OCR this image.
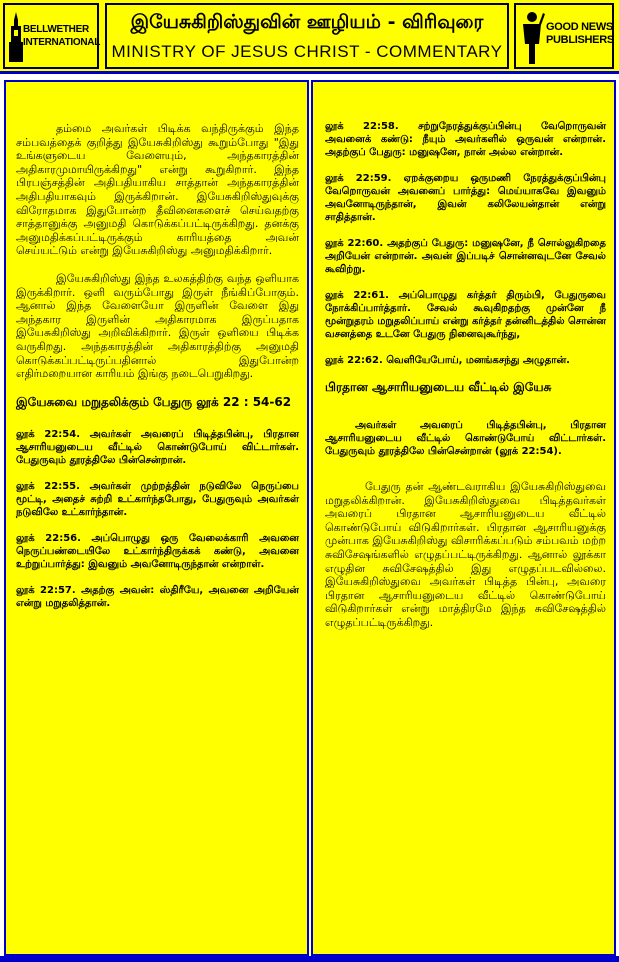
BELLWETHER INTERNATIONAL
இயேசுகிறிஸ்துவின் ஊழியம் - விரிவுரை
MINISTRY OF JESUS CHRIST - COMMENTARY
GOOD NEWS PUBLISHERS

தம்மை அவர்கள் பிடிக்க வந்திருக்கும் இந்த சம்பவத்தைக் குறித்து இயேசுகிறிஸ்து கூறும்போது "இது உங்களுடைய வேளையும், அந்தகாரத்தின் அதிகாரமுமாயிருக்கிறது" என்று கூறுகிறார். இந்த பிரபஞ்சத்தின் அதிபதியாகிய சாத்தான் அந்தகாரத்தின் அதிபதியாகவும் இருக்கிறான். இயேசுகிறிஸ்துவுக்கு விரோதமாக இதுபோன்ற தீவினைகளைச் செய்வதற்கு சாத்தானுக்கு அனுமதி கொடுக்கப்பட்டிருக்கிறது. தனக்கு அனுமதிக்கப்பட்டிருக்கும் காரியத்தை அவன் செய்யட்டும் என்று இயேசுகிறிஸ்து அனுமதிக்கிறார்.

இயேசுகிறிஸ்து இந்த உலகத்திற்கு வந்த ஒளியாக இருக்கிறார். ஒளி வரும்போது இருள் நீங்கிப்போகும். ஆனால் இந்த வேளையோ இருளின் வேளை இது அந்தகார இருளின் அதிகாரமாக இருப்பதாக இயேசுகிறிஸ்து அறிவிக்கிறார். இருள் ஒளியை பிடிக்க வருகிறது. அந்தகாரத்தின் அதிகாரத்திற்கு அனுமதி கொடுக்கப்பட்டிருப்பதினால் இதுபோன்ற எதிர்மறையான காரியம் இங்கு நடைபெறுகிறது.

இயேசுவை மறுதலிக்கும் பேதுரு லூக் 22 : 54-62

லூக் 22:54. அவர்கள் அவரைப் பிடித்தபின்பு, பிரதான ஆசாரியனுடைய வீட்டில் கொண்டுபோய் விட்டார்கள். பேதுருவும் தூரத்திலே பின்சென்றான்.

லூக் 22:55. அவர்கள் முற்றத்தின் நடுவிலே நெருப்பை மூட்டி, அதைச் சுற்றி உட்கார்ந்தபோது, பேதுருவும் அவர்கள் நடுவிலே உட்கார்ந்தான்.

லூக் 22:56. அப்பொழுது ஒரு வேலைக்காரி அவனை நெருப்பண்டையிலே உட்கார்ந்திருக்கக் கண்டு, அவனை உற்றுப்பார்த்து: இவனும் அவனோடிருந்தான் என்றாள்.

லூக் 22:57. அதற்கு அவன்: ஸ்திரீயே, அவனை அறியேன் என்று மறுதலித்தான்.

லூக் 22:58. சற்றுநேரத்துக்குப்பின்பு வேறொருவன் அவனைக் கண்டு: நீயும் அவர்களில் ஒருவன் என்றான். அதற்குப் பேதுரு: மனுஷனே, நான் அல்ல என்றான்.

லூக் 22:59. ஏறக்குறைய ஒருமணி நேரத்துக்குப்பின்பு வேறொருவன் அவனைப் பார்த்து: மெய்யாகவே இவனும் அவனோடிருந்தான், இவன் கலிலேயன்தான் என்று சாதித்தான்.

லூக் 22:60. அதற்குப் பேதுரு: மனுஷனே, நீ சொல்லுகிறதை அறியேன் என்றான். அவன் இப்படிச் சொன்னவுடனே சேவல் கூவிற்று.

லூக் 22:61. அப்பொழுது கர்த்தர் திரும்பி, பேதுருவை நோக்கிப்பார்த்தார். சேவல் கூவுகிறதற்கு முன்னே நீ மூன்றுதரம் மறுதலிப்பாய் என்று கர்த்தர் தன்னிடத்தில் சொன்ன வசனத்தை உடனே பேதுரு நினைவுகூர்ந்து,

லூக் 22:62. வெளியேபோய், மனங்கசந்து அழுதான்.

பிரதான ஆசாரியனுடைய வீட்டில் இயேசு

அவர்கள் அவரைப் பிடித்தபின்பு, பிரதான ஆசாரியனுடைய வீட்டில் கொண்டுபோய் விட்டார்கள். பேதுருவும் தூரத்திலே பின்சென்றான் (லூக் 22:54).

பேதுரு தன் ஆண்டவராகிய இயேசுகிறிஸ்துவை மறுதலிக்கிறான். இயேசுகிறிஸ்துவை பிடித்தவர்கள் அவரைப் பிரதான ஆசாரியனுடைய வீட்டில் கொண்டுபோய் விடுகிறார்கள். பிரதான ஆசாரியனுக்கு முன்பாக இயேசுகிறிஸ்து விசாரிக்கப்படும் சம்பவம் மற்ற சுவிசேஷங்களில் எழுதப்பட்டிருக்கிறது. ஆனால் லூக்கா எழுதின சுவிசேஷத்தில் இது எழுதப்படவில்லை. இயேசுகிறிஸ்துவை அவர்கள் பிடித்த பின்பு, அவரை பிரதான ஆசாரியனுடைய வீட்டில் கொண்டுபோய் விடுகிறார்கள் என்று மாத்திரமே இந்த சுவிசேஷத்தில் எழுதப்பட்டிருக்கிறது.
